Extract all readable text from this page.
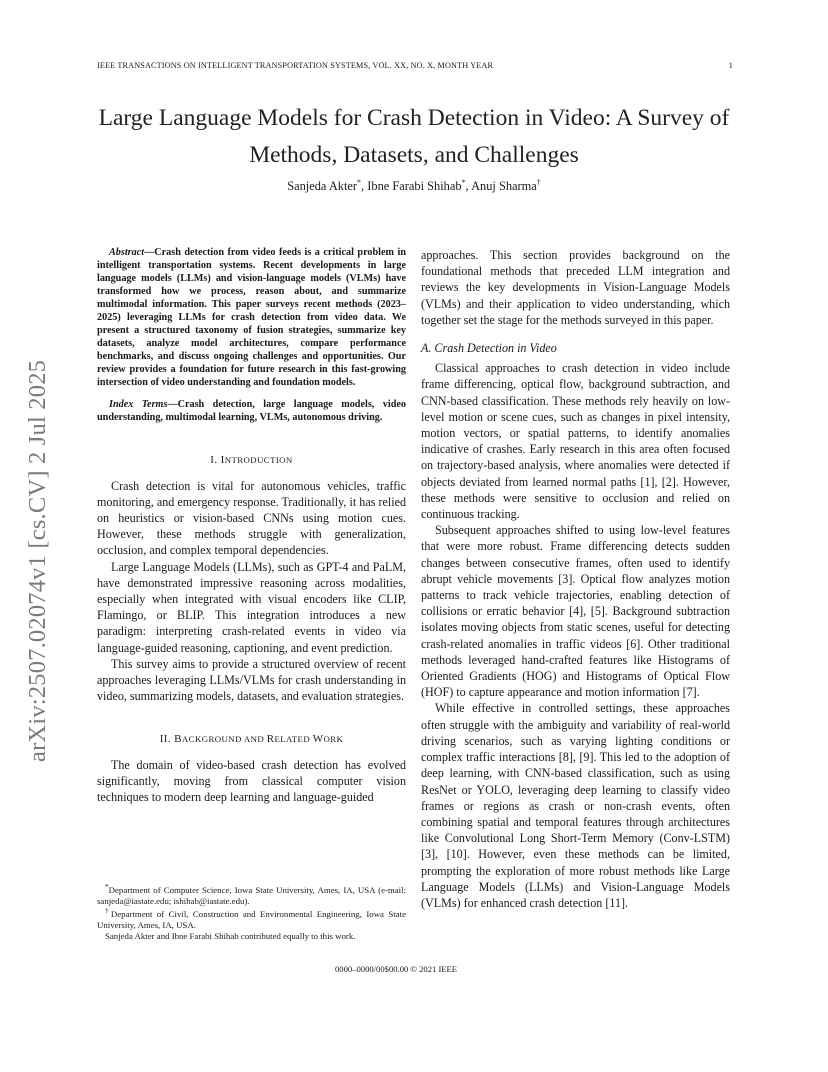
IEEE TRANSACTIONS ON INTELLIGENT TRANSPORTATION SYSTEMS, VOL. XX, NO. X, MONTH YEAR	1
arXiv:2507.02074v1 [cs.CV] 2 Jul 2025
Large Language Models for Crash Detection in Video: A Survey of Methods, Datasets, and Challenges
Sanjeda Akter*, Ibne Farabi Shihab*, Anuj Sharma†

Abstract—Crash detection from video feeds is a critical problem in intelligent transportation systems. Recent developments in large language models (LLMs) and vision-language models (VLMs) have transformed how we process, reason about, and summarize multimodal information. This paper surveys recent methods (2023–2025) leveraging LLMs for crash detection from video data. We present a structured taxonomy of fusion strategies, summarize key datasets, analyze model architectures, compare performance benchmarks, and discuss ongoing challenges and opportunities. Our review provides a foundation for future research in this fast-growing intersection of video understanding and foundation models.

Index Terms—Crash detection, large language models, video understanding, multimodal learning, VLMs, autonomous driving.

I. INTRODUCTION

Crash detection is vital for autonomous vehicles, traffic monitoring, and emergency response. Traditionally, it has relied on heuristics or vision-based CNNs using motion cues. However, these methods struggle with generalization, occlusion, and complex temporal dependencies.

Large Language Models (LLMs), such as GPT-4 and PaLM, have demonstrated impressive reasoning across modalities, especially when integrated with visual encoders like CLIP, Flamingo, or BLIP. This integration introduces a new paradigm: interpreting crash-related events in video via language-guided reasoning, captioning, and event prediction.

This survey aims to provide a structured overview of recent approaches leveraging LLMs/VLMs for crash understanding in video, summarizing models, datasets, and evaluation strategies.

II. BACKGROUND AND RELATED WORK

The domain of video-based crash detection has evolved significantly, moving from classical computer vision techniques to modern deep learning and language-guided

*Department of Computer Science, Iowa State University, Ames, IA, USA (e-mail: sanjeda@iastate.edu; ishihab@iastate.edu).

†Department of Civil, Construction and Environmental Engineering, Iowa State University, Ames, IA, USA.

Sanjeda Akter and Ibne Farabi Shihab contributed equally to this work.

approaches. This section provides background on the foundational methods that preceded LLM integration and reviews the key developments in Vision-Language Models (VLMs) and their application to video understanding, which together set the stage for the methods surveyed in this paper.

A. Crash Detection in Video

Classical approaches to crash detection in video include frame differencing, optical flow, background subtraction, and CNN-based classification. These methods rely heavily on low-level motion or scene cues, such as changes in pixel intensity, motion vectors, or spatial patterns, to identify anomalies indicative of crashes. Early research in this area often focused on trajectory-based analysis, where anomalies were detected if objects deviated from learned normal paths [1], [2]. However, these methods were sensitive to occlusion and relied on continuous tracking.

Subsequent approaches shifted to using low-level features that were more robust. Frame differencing detects sudden changes between consecutive frames, often used to identify abrupt vehicle movements [3]. Optical flow analyzes motion patterns to track vehicle trajectories, enabling detection of collisions or erratic behavior [4], [5]. Background subtraction isolates moving objects from static scenes, useful for detecting crash-related anomalies in traffic videos [6]. Other traditional methods leveraged hand-crafted features like Histograms of Oriented Gradients (HOG) and Histograms of Optical Flow (HOF) to capture appearance and motion information [7].

While effective in controlled settings, these approaches often struggle with the ambiguity and variability of real-world driving scenarios, such as varying lighting conditions or complex traffic interactions [8], [9]. This led to the adoption of deep learning, with CNN-based classification, such as using ResNet or YOLO, leveraging deep learning to classify video frames or regions as crash or non-crash events, often combining spatial and temporal features through architectures like Convolutional Long Short-Term Memory (Conv-LSTM) [3], [10]. However, even these methods can be limited, prompting the exploration of more robust methods like Large Language Models (LLMs) and Vision-Language Models (VLMs) for enhanced crash detection [11].

0000–0000/00$00.00 © 2021 IEEE
